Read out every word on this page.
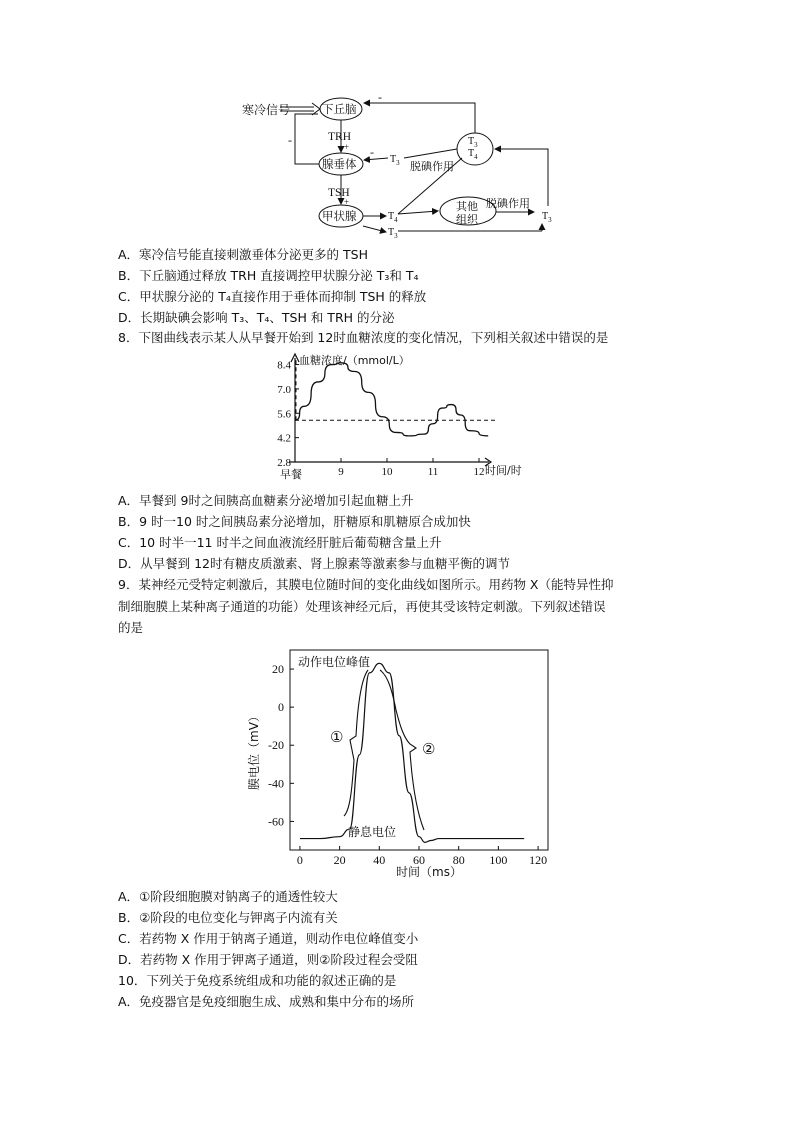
寒冷信号	下丘脑
腺垂体
甲状腺
TRH
+
TSH
+
-
-
-
$T_3$
$T_4$
$T_3$ 脱碘作用
$T_4$
$T_3$
其他
组织
脱碘作用
$T_3$
A．寒冷信号能直接刺激垂体分泌更多的 TSH
B．下丘脑通过释放 TRH 直接调控甲状腺分泌 T₃和 T₄
C．甲状腺分泌的 T₄直接作用于垂体而抑制 TSH 的释放
D．长期缺碘会影响 T₃、T₄、TSH 和 TRH 的分泌
8．下图曲线表示某人从早餐开始到 12时血糖浓度的变化情况，下列相关叙述中错误的是
血糖浓度/（mmol/L）
时间/时
早餐
8.4
7.0
5.6
4.2
2.8
9	10	11	12
A．早餐到 9时之间胰高血糖素分泌增加引起血糖上升
B．9 时一10 时之间胰岛素分泌增加，肝糖原和肌糖原合成加快
C．10 时半一11 时半之间血液流经肝脏后葡萄糖含量上升
D．从早餐到 12时有糖皮质激素、肾上腺素等激素参与血糖平衡的调节
9．某神经元受特定刺激后，其膜电位随时间的变化曲线如图所示。用药物 X（能特异性抑
制细胞膜上某种离子通道的功能）处理该神经元后，再使其受该特定刺激。下列叙述错误
的是
0	20 40 60 80 100 120
20
0
-20
-40
-60
膜电位（mV）
时间（ms）
动作电位峰值
静息电位
①
②
A．①阶段细胞膜对钠离子的通透性较大
B．②阶段的电位变化与钾离子内流有关
C．若药物 X 作用于钠离子通道，则动作电位峰值变小
D．若药物 X 作用于钾离子通道，则②阶段过程会受阻
10．下列关于免疫系统组成和功能的叙述正确的是
A．免疫器官是免疫细胞生成、成熟和集中分布的场所
